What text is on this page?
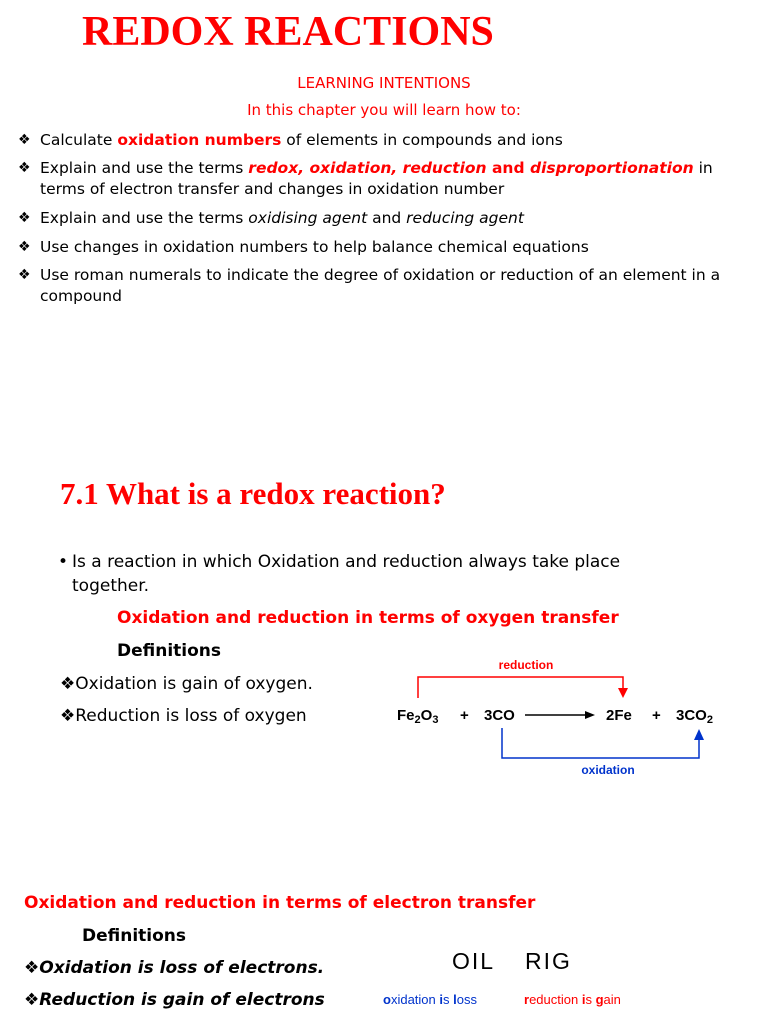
REDOX REACTIONS
LEARNING INTENTIONS
In this chapter you will learn how to:
❖ Calculate oxidation numbers of elements in compounds and ions
❖ Explain and use the terms redox, oxidation, reduction and disproportionation in terms of electron transfer and changes in oxidation number
❖ Explain and use the terms oxidising agent and reducing agent
❖ Use changes in oxidation numbers to help balance chemical equations
❖ Use roman numerals to indicate the degree of oxidation or reduction of an element in a compound
7.1 What is a redox reaction?
• Is a reaction in which Oxidation and reduction always take place together.
Oxidation and reduction in terms of oxygen transfer
Definitions
❖Oxidation is gain of oxygen.
❖Reduction is loss of oxygen
reduction
$Fe_2O_3 + 3CO$	$2Fe + 3CO_2$
oxidation
Oxidation and reduction in terms of electron transfer
Definitions
❖Oxidation is loss of electrons.
❖Reduction is gain of electrons
OIL RIG
oxidation is loss	reduction is gain
